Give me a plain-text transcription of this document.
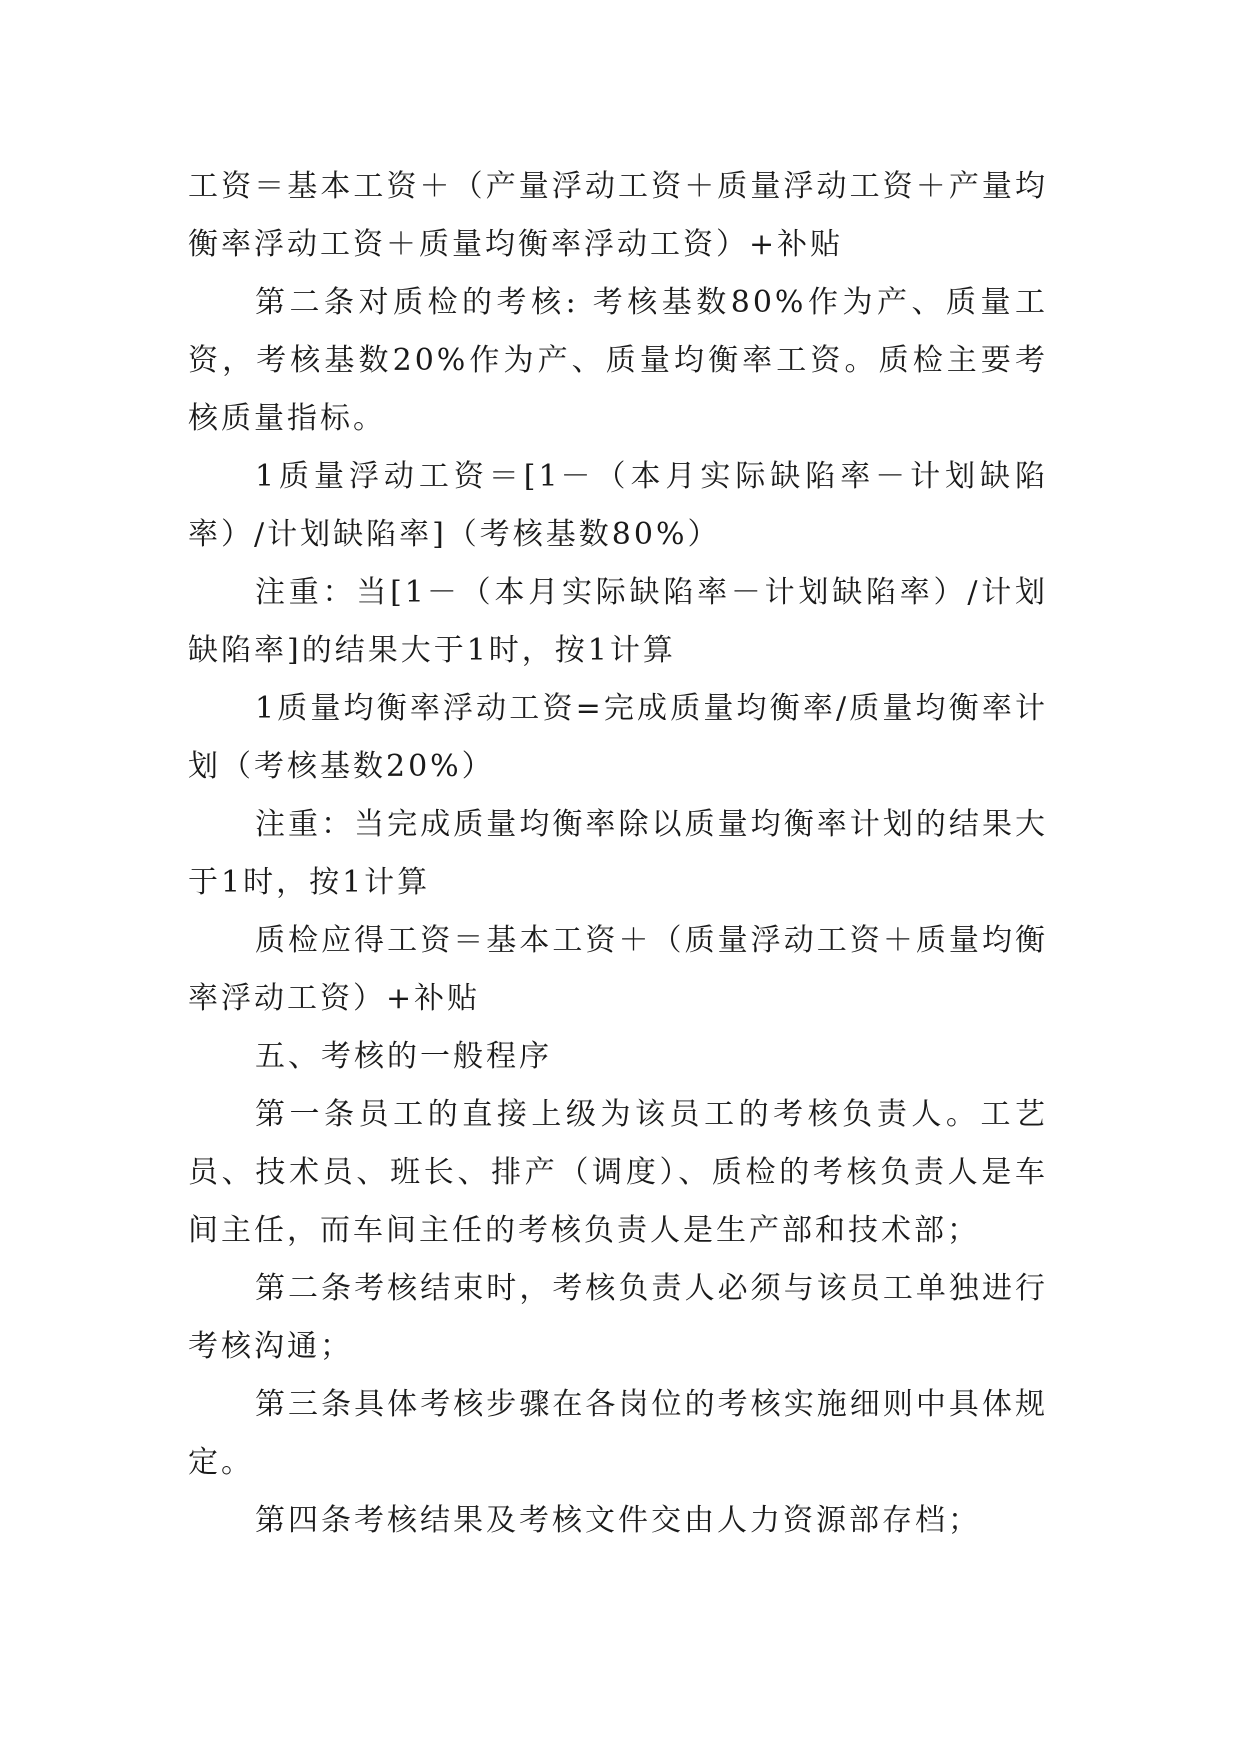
工资＝基本工资＋（产量浮动工资＋质量浮动工资＋产量均衡率浮动工资＋质量均衡率浮动工资）+补贴

第二条对质检的考核: 考核基数80%作为产、质量工资，考核基数20%作为产、质量均衡率工资。质检主要考核质量指标。

1质量浮动工资＝[1－（本月实际缺陷率－计划缺陷率）/计划缺陷率]（考核基数80%）

注重：当[1－（本月实际缺陷率－计划缺陷率）/计划缺陷率]的结果大于1时，按1计算

1质量均衡率浮动工资=完成质量均衡率/质量均衡率计划（考核基数20%）

注重：当完成质量均衡率除以质量均衡率计划的结果大于1时，按1计算

质检应得工资＝基本工资＋（质量浮动工资＋质量均衡率浮动工资）+补贴

五、考核的一般程序

第一条员工的直接上级为该员工的考核负责人。工艺员、技术员、班长、排产（调度）、质检的考核负责人是车间主任，而车间主任的考核负责人是生产部和技术部；

第二条考核结束时，考核负责人必须与该员工单独进行考核沟通；

第三条具体考核步骤在各岗位的考核实施细则中具体规定。

第四条考核结果及考核文件交由人力资源部存档；
